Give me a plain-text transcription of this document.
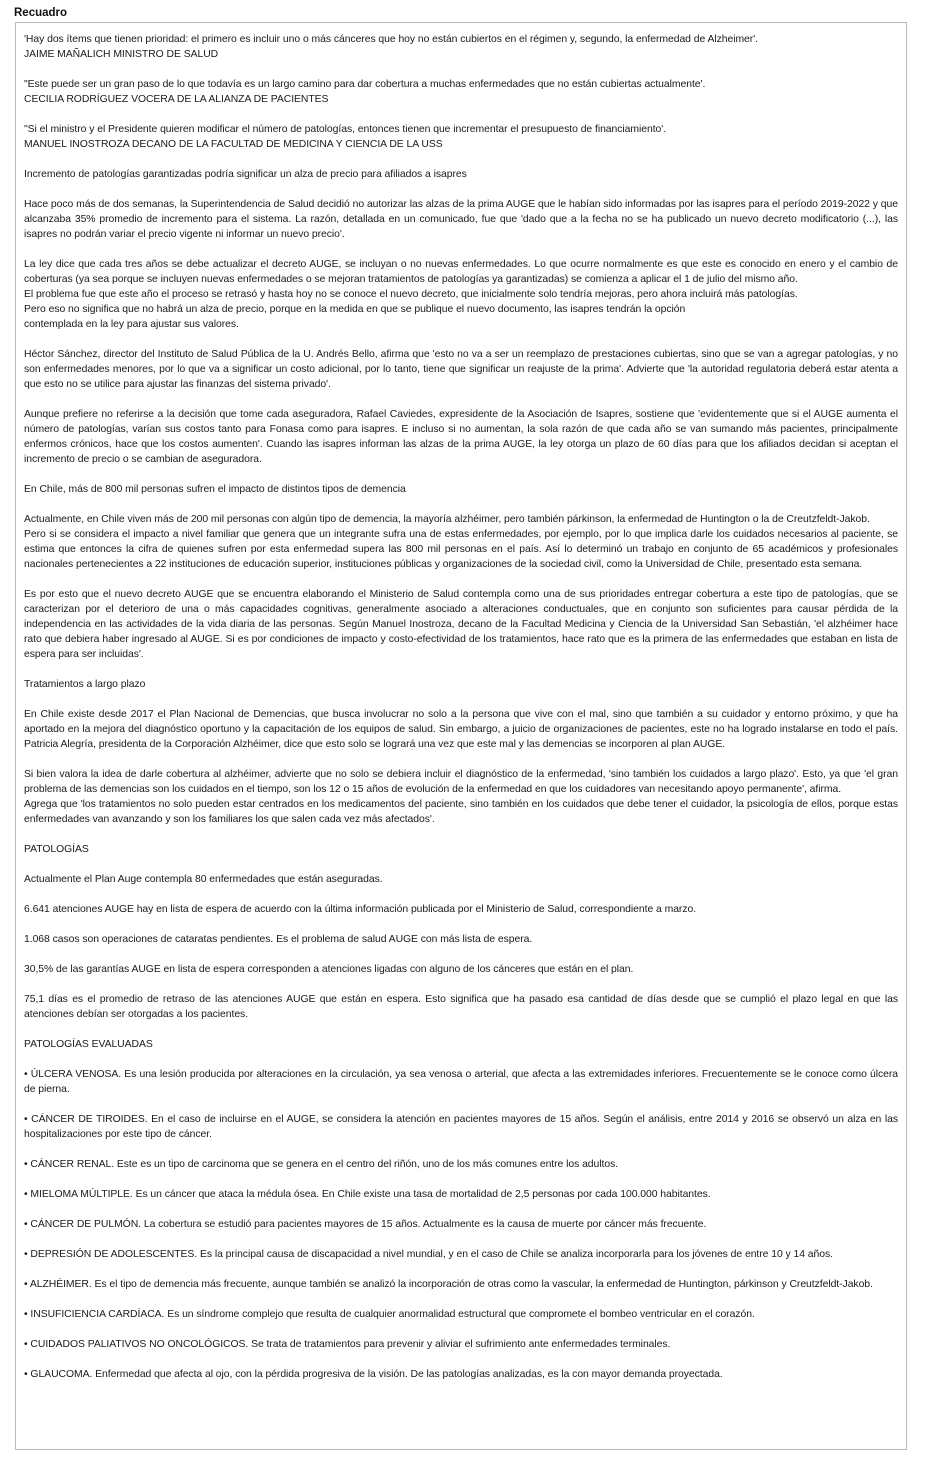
Recuadro

'Hay dos ítems que tienen prioridad: el primero es incluir uno o más cánceres que hoy no están cubiertos en el régimen y, segundo, la enfermedad de Alzheimer'.
JAIME MAÑALICH MINISTRO DE SALUD

"Este puede ser un gran paso de lo que todavía es un largo camino para dar cobertura a muchas enfermedades que no están cubiertas actualmente'.
CECILIA RODRÍGUEZ VOCERA DE LA ALIANZA DE PACIENTES

"Si el ministro y el Presidente quieren modificar el número de patologías, entonces tienen que incrementar el presupuesto de financiamiento'.
MANUEL INOSTROZA DECANO DE LA FACULTAD DE MEDICINA Y CIENCIA DE LA USS

Incremento de patologías garantizadas podría significar un alza de precio para afiliados a isapres

Hace poco más de dos semanas, la Superintendencia de Salud decidió no autorizar las alzas de la prima AUGE que le habían sido informadas por las isapres para el período 2019-2022 y que alcanzaba 35% promedio de incremento para el sistema. La razón, detallada en un comunicado, fue que 'dado que a la fecha no se ha publicado un nuevo decreto modificatorio (...), las isapres no podrán variar el precio vigente ni informar un nuevo precio'.

La ley dice que cada tres años se debe actualizar el decreto AUGE, se incluyan o no nuevas enfermedades. Lo que ocurre normalmente es que este es conocido en enero y el cambio de coberturas (ya sea porque se incluyen nuevas enfermedades o se mejoran tratamientos de patologías ya garantizadas) se comienza a aplicar el 1 de julio del mismo año.

El problema fue que este año el proceso se retrasó y hasta hoy no se conoce el nuevo decreto, que inicialmente solo tendría mejoras, pero ahora incluirá más patologías.

Pero eso no significa que no habrá un alza de precio, porque en la medida en que se publique el nuevo documento, las isapres tendrán la opción

contemplada en la ley para ajustar sus valores.

Héctor Sánchez, director del Instituto de Salud Pública de la U. Andrés Bello, afirma que 'esto no va a ser un reemplazo de prestaciones cubiertas, sino que se van a agregar patologías, y no son enfermedades menores, por lo que va a significar un costo adicional, por lo tanto, tiene que significar un reajuste de la prima'. Advierte que 'la autoridad regulatoria deberá estar atenta a que esto no se utilice para ajustar las finanzas del sistema privado'.

Aunque prefiere no referirse a la decisión que tome cada aseguradora, Rafael Caviedes, expresidente de la Asociación de Isapres, sostiene que 'evidentemente que si el AUGE aumenta el número de patologías, varían sus costos tanto para Fonasa como para isapres. E incluso si no aumentan, la sola razón de que cada año se van sumando más pacientes, principalmente enfermos crónicos, hace que los costos aumenten'. Cuando las isapres informan las alzas de la prima AUGE, la ley otorga un plazo de 60 días para que los afiliados decidan si aceptan el incremento de precio o se cambian de aseguradora.

En Chile, más de 800 mil personas sufren el impacto de distintos tipos de demencia

Actualmente, en Chile viven más de 200 mil personas con algún tipo de demencia, la mayoría alzhéimer, pero también párkinson, la enfermedad de Huntington o la de Creutzfeldt-Jakob.

Pero si se considera el impacto a nivel familiar que genera que un integrante sufra una de estas enfermedades, por ejemplo, por lo que implica darle los cuidados necesarios al paciente, se estima que entonces la cifra de quienes sufren por esta enfermedad supera las 800 mil personas en el país. Así lo determinó un trabajo en conjunto de 65 académicos y profesionales nacionales pertenecientes a 22 instituciones de educación superior, instituciones públicas y organizaciones de la sociedad civil, como la Universidad de Chile, presentado esta semana.

Es por esto que el nuevo decreto AUGE que se encuentra elaborando el Ministerio de Salud contempla como una de sus prioridades entregar cobertura a este tipo de patologías, que se caracterizan por el deterioro de una o más capacidades cognitivas, generalmente asociado a alteraciones conductuales, que en conjunto son suficientes para causar pérdida de la independencia en las actividades de la vida diaria de las personas. Según Manuel Inostroza, decano de la Facultad Medicina y Ciencia de la Universidad San Sebastián, 'el alzhéimer hace rato que debiera haber ingresado al AUGE. Si es por condiciones de impacto y costo-efectividad de los tratamientos, hace rato que es la primera de las enfermedades que estaban en lista de espera para ser incluidas'.

Tratamientos a largo plazo

En Chile existe desde 2017 el Plan Nacional de Demencias, que busca involucrar no solo a la persona que vive con el mal, sino que también a su cuidador y entorno próximo, y que ha aportado en la mejora del diagnóstico oportuno y la capacitación de los equipos de salud. Sin embargo, a juicio de organizaciones de pacientes, este no ha logrado instalarse en todo el país. Patricia Alegría, presidenta de la Corporación Alzhéimer, dice que esto solo se logrará una vez que este mal y las demencias se incorporen al plan AUGE.

Si bien valora la idea de darle cobertura al alzhéimer, advierte que no solo se debiera incluir el diagnóstico de la enfermedad, 'sino también los cuidados a largo plazo'. Esto, ya que 'el gran problema de las demencias son los cuidados en el tiempo, son los 12 o 15 años de evolución de la enfermedad en que los cuidadores van necesitando apoyo permanente', afirma.

Agrega que 'los tratamientos no solo pueden estar centrados en los medicamentos del paciente, sino también en los cuidados que debe tener el cuidador, la psicología de ellos, porque estas enfermedades van avanzando y son los familiares los que salen cada vez más afectados'.

PATOLOGÍAS

Actualmente el Plan Auge contempla 80 enfermedades que están aseguradas.

6.641 atenciones AUGE hay en lista de espera de acuerdo con la última información publicada por el Ministerio de Salud, correspondiente a marzo.

1.068 casos son operaciones de cataratas pendientes. Es el problema de salud AUGE con más lista de espera.

30,5% de las garantías AUGE en lista de espera corresponden a atenciones ligadas con alguno de los cánceres que están en el plan.

75,1 días es el promedio de retraso de las atenciones AUGE que están en espera. Esto significa que ha pasado esa cantidad de días desde que se cumplió el plazo legal en que las atenciones debían ser otorgadas a los pacientes.

PATOLOGÍAS EVALUADAS

• ÚLCERA VENOSA. Es una lesión producida por alteraciones en la circulación, ya sea venosa o arterial, que afecta a las extremidades inferiores. Frecuentemente se le conoce como úlcera de pierna.

• CÁNCER DE TIROIDES. En el caso de incluirse en el AUGE, se considera la atención en pacientes mayores de 15 años. Según el análisis, entre 2014 y 2016 se observó un alza en las hospitalizaciones por este tipo de cáncer.

• CÁNCER RENAL. Este es un tipo de carcinoma que se genera en el centro del riñón, uno de los más comunes entre los adultos.

• MIELOMA MÚLTIPLE. Es un cáncer que ataca la médula ósea. En Chile existe una tasa de mortalidad de 2,5 personas por cada 100.000 habitantes.

• CÁNCER DE PULMÓN. La cobertura se estudió para pacientes mayores de 15 años. Actualmente es la causa de muerte por cáncer más frecuente.

• DEPRESIÓN DE ADOLESCENTES. Es la principal causa de discapacidad a nivel mundial, y en el caso de Chile se analiza incorporarla para los jóvenes de entre 10 y 14 años.

• ALZHÉIMER. Es el tipo de demencia más frecuente, aunque también se analizó la incorporación de otras como la vascular, la enfermedad de Huntington, párkinson y Creutzfeldt-Jakob.

• INSUFICIENCIA CARDÍACA. Es un síndrome complejo que resulta de cualquier anormalidad estructural que compromete el bombeo ventricular en el corazón.

• CUIDADOS PALIATIVOS NO ONCOLÓGICOS. Se trata de tratamientos para prevenir y aliviar el sufrimiento ante enfermedades terminales.

• GLAUCOMA. Enfermedad que afecta al ojo, con la pérdida progresiva de la visión. De las patologías analizadas, es la con mayor demanda proyectada.
